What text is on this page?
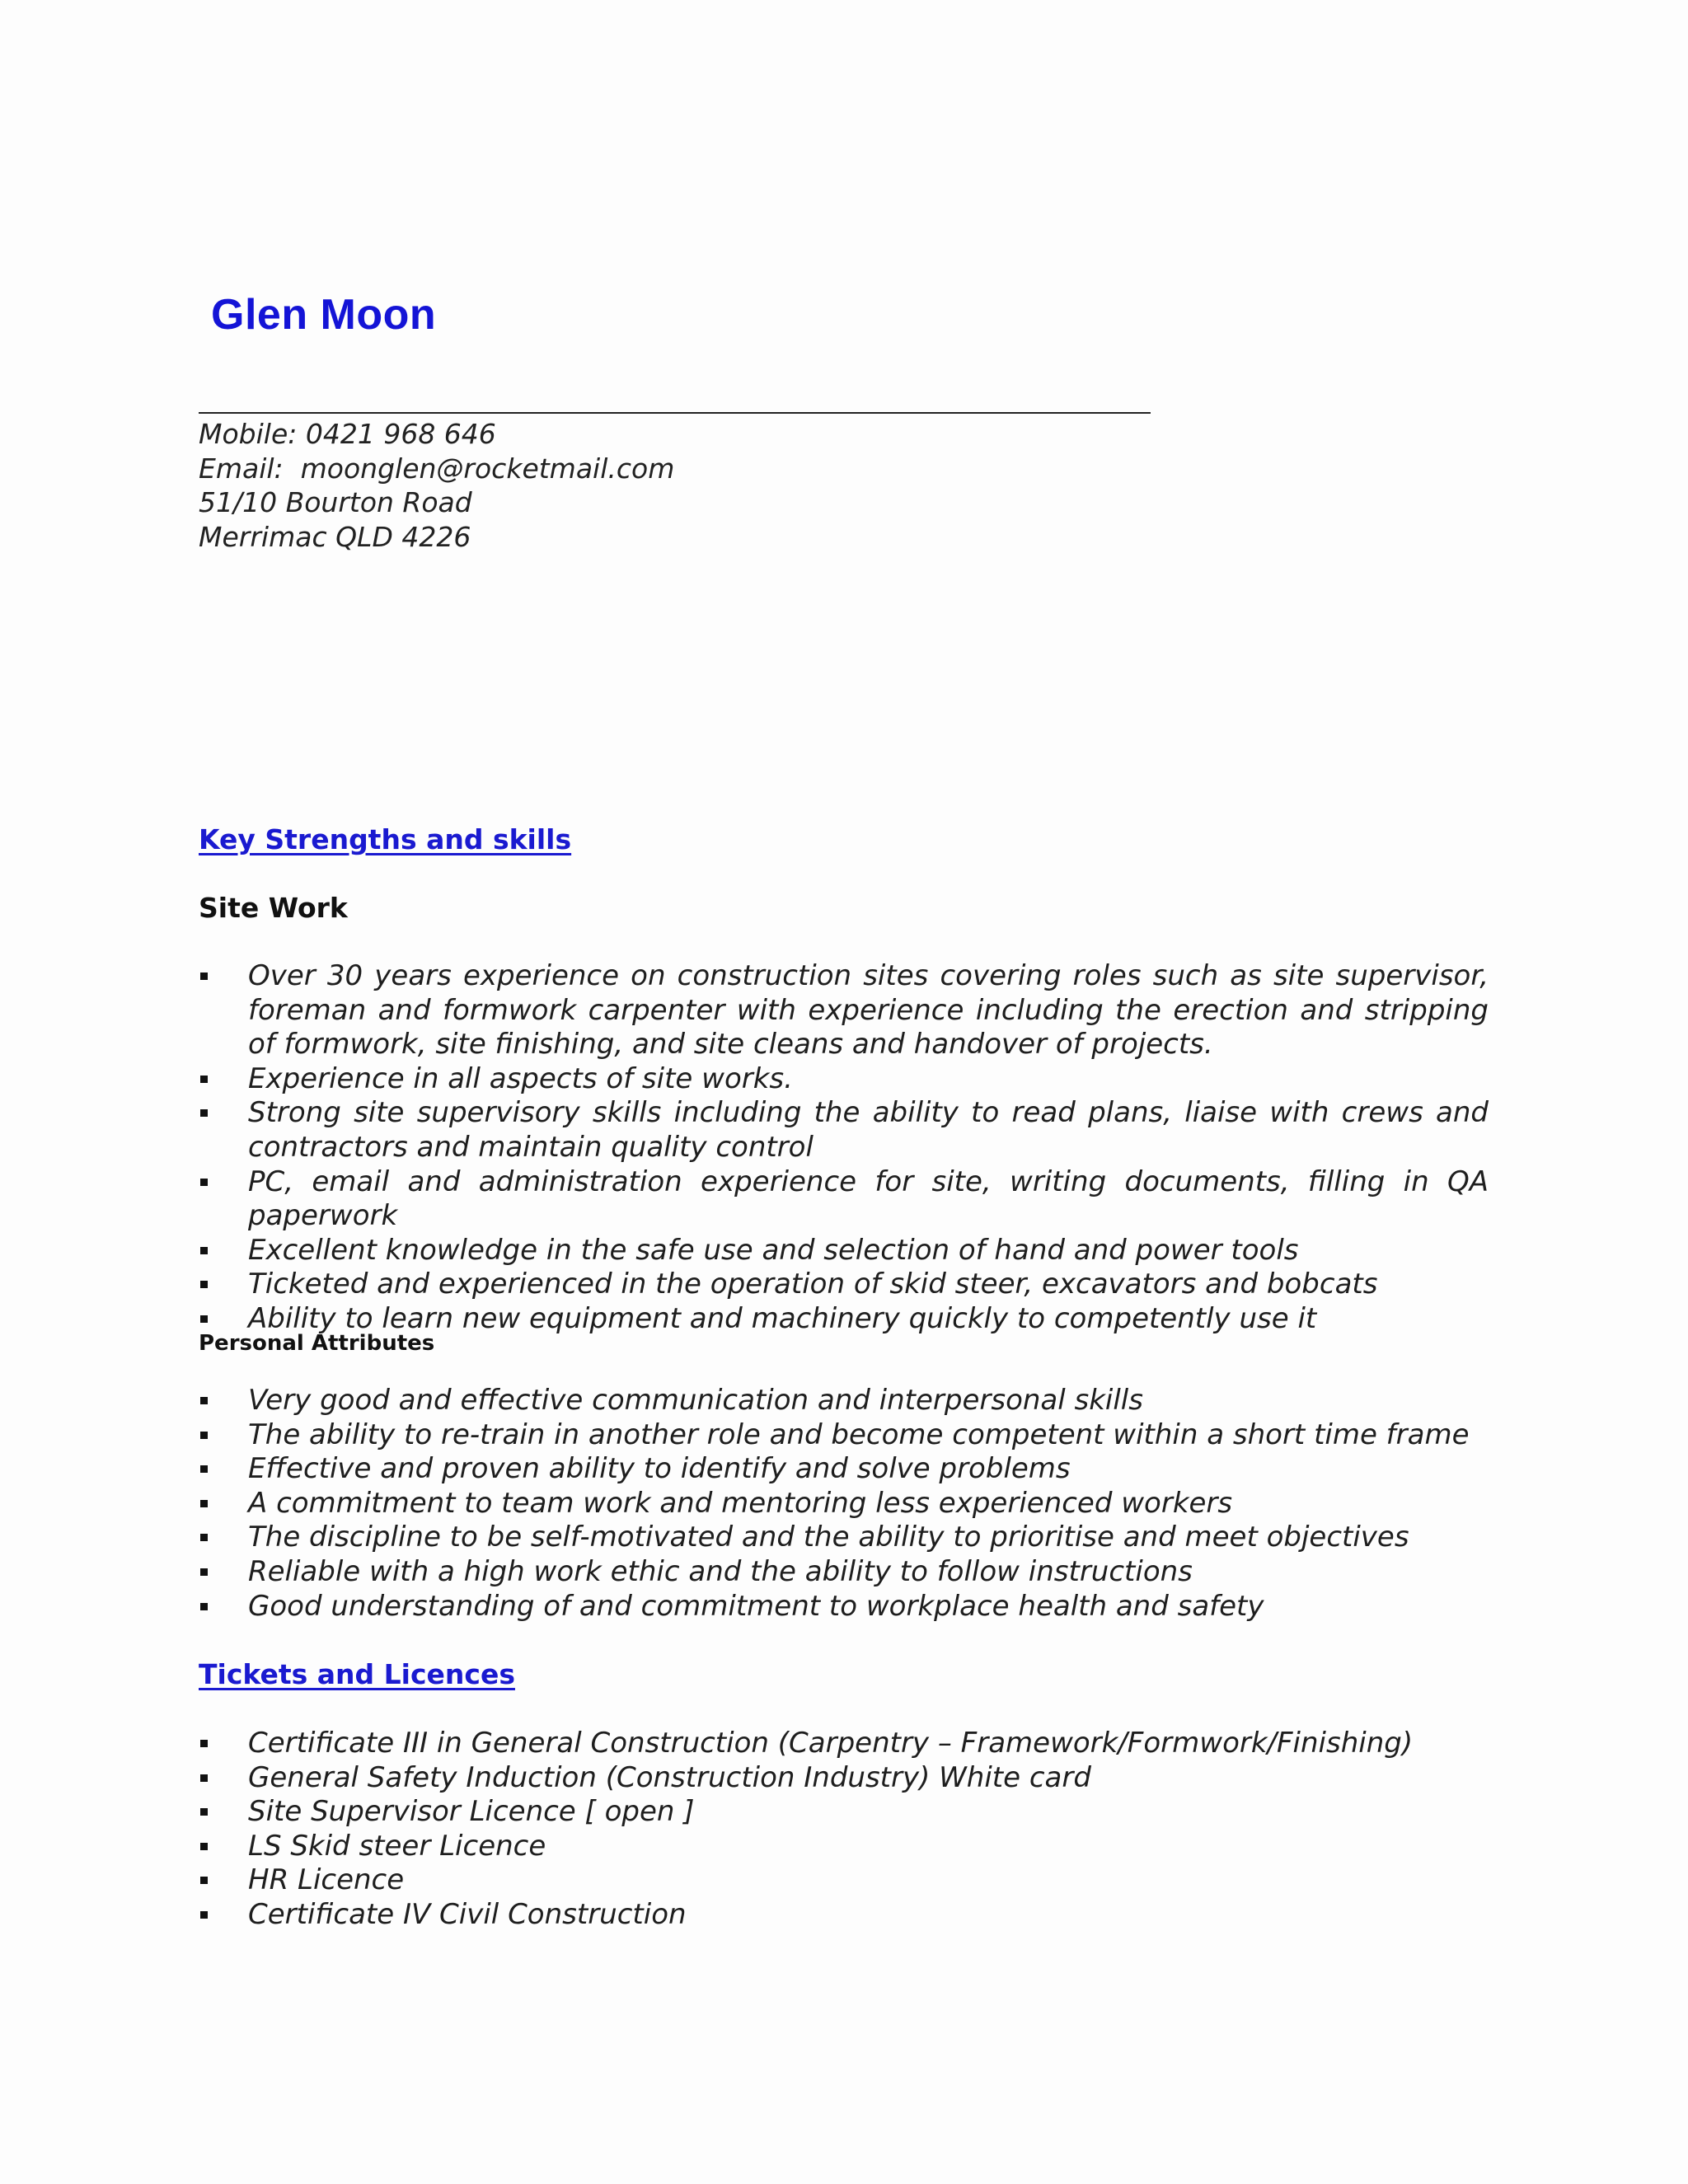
Glen Moon
Mobile: 0421 968 646
Email:  moonglen@rocketmail.com
51/10 Bourton Road
Merrimac QLD 4226
Key Strengths and skills
Site Work
Over 30 years experience on construction sites covering roles such as site supervisor, foreman and formwork carpenter with experience including the erection and stripping of formwork, site finishing, and site cleans and handover of projects.
Experience in all aspects of site works.
Strong site supervisory skills including the ability to read plans, liaise with crews and contractors and maintain quality control
PC, email and administration experience for site, writing documents, filling in QA paperwork
Excellent knowledge in the safe use and selection of hand and power tools
Ticketed and experienced in the operation of skid steer, excavators and bobcats
Ability to learn new equipment and machinery quickly to competently use it
Personal Attributes
Very good and effective communication and interpersonal skills
The ability to re-train in another role and become competent within a short time frame
Effective and proven ability to identify and solve problems
A commitment to team work and mentoring less experienced workers
The discipline to be self-motivated and the ability to prioritise and meet objectives
Reliable with a high work ethic and the ability to follow instructions
Good understanding of and commitment to workplace health and safety
Tickets and Licences
Certificate III in General Construction (Carpentry – Framework/Formwork/Finishing)
General Safety Induction (Construction Industry) White card
Site Supervisor Licence [ open ]
LS Skid steer Licence
HR Licence
Certificate IV Civil Construction
